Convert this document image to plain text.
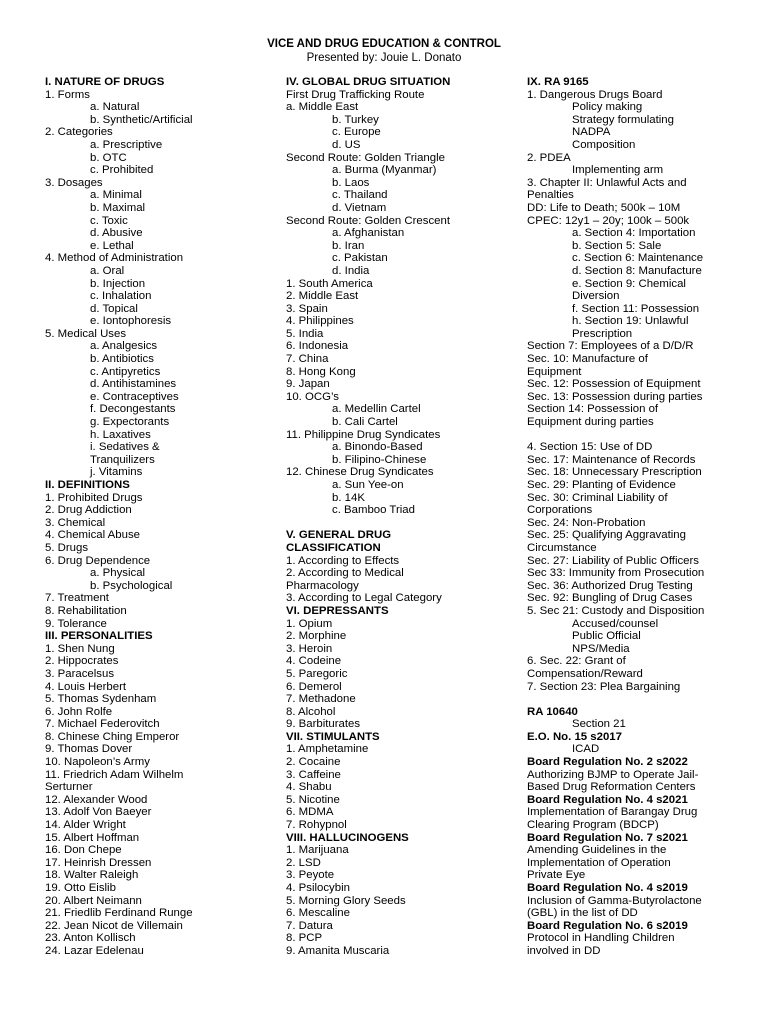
VICE AND DRUG EDUCATION & CONTROL
Presented by: Jouie L. Donato
I. NATURE OF DRUGS
1. Forms
a. Natural
b. Synthetic/Artificial
2. Categories
a. Prescriptive
b. OTC
c. Prohibited
3. Dosages
a. Minimal
b. Maximal
c. Toxic
d. Abusive
e. Lethal
4. Method of Administration
a. Oral
b. Injection
c. Inhalation
d. Topical
e. Iontophoresis
5. Medical Uses
a. Analgesics
b. Antibiotics
c. Antipyretics
d. Antihistamines
e. Contraceptives
f. Decongestants
g. Expectorants
h. Laxatives
i. Sedatives &
Tranquilizers
j. Vitamins
II. DEFINITIONS
1. Prohibited Drugs
2. Drug Addiction
3. Chemical
4. Chemical Abuse
5. Drugs
6. Drug Dependence
a. Physical
b. Psychological
7. Treatment
8. Rehabilitation
9. Tolerance
III. PERSONALITIES
1. Shen Nung
2. Hippocrates
3. Paracelsus
4. Louis Herbert
5. Thomas Sydenham
6. John Rolfe
7. Michael Federovitch
8. Chinese Ching Emperor
9. Thomas Dover
10. Napoleon’s Army
11. Friedrich Adam Wilhelm
Serturner
12. Alexander Wood
13. Adolf Von Baeyer
14. Alder Wright
15. Albert Hoffman
16. Don Chepe
17. Heinrish Dressen
18. Walter Raleigh
19. Otto Eislib
20. Albert Neimann
21. Friedlib Ferdinand Runge
22. Jean Nicot de Villemain
23. Anton Kollisch
24. Lazar Edelenau
IV. GLOBAL DRUG SITUATION
First Drug Trafficking Route
a. Middle East
b. Turkey
c. Europe
d. US
Second Route: Golden Triangle
a. Burma (Myanmar)
b. Laos
c. Thailand
d. Vietnam
Second Route: Golden Crescent
a. Afghanistan
b. Iran
c. Pakistan
d. India
1. South America
2. Middle East
3. Spain
4. Philippines
5. India
6. Indonesia
7. China
8. Hong Kong
9. Japan
10. OCG’s
a. Medellin Cartel
b. Cali Cartel
11. Philippine Drug Syndicates
a. Binondo-Based
b. Filipino-Chinese
12. Chinese Drug Syndicates
a. Sun Yee-on
b. 14K
c. Bamboo Triad
V. GENERAL DRUG
CLASSIFICATION
1. According to Effects
2. According to Medical
Pharmacology
3. According to Legal Category
VI. DEPRESSANTS
1. Opium
2. Morphine
3. Heroin
4. Codeine
5. Paregoric
6. Demerol
7. Methadone
8. Alcohol
9. Barbiturates
VII. STIMULANTS
1. Amphetamine
2. Cocaine
3. Caffeine
4. Shabu
5. Nicotine
6. MDMA
7. Rohypnol
VIII. HALLUCINOGENS
1. Marijuana
2. LSD
3. Peyote
4. Psilocybin
5. Morning Glory Seeds
6. Mescaline
7. Datura
8. PCP
9. Amanita Muscaria
IX. RA 9165
1. Dangerous Drugs Board
Policy making
Strategy formulating
NADPA
Composition
2. PDEA
Implementing arm
3. Chapter II: Unlawful Acts and
Penalties
DD: Life to Death; 500k – 10M
CPEC: 12y1 – 20y; 100k – 500k
a. Section 4: Importation
b. Section 5: Sale
c. Section 6: Maintenance
d. Section 8: Manufacture
e. Section 9: Chemical
Diversion
f. Section 11: Possession
h. Section 19: Unlawful
Prescription
Section 7: Employees of a D/D/R
Sec. 10: Manufacture of
Equipment
Sec. 12: Possession of Equipment
Sec. 13: Possession during parties
Section 14: Possession of
Equipment during parties
4. Section 15: Use of DD
Sec. 17: Maintenance of Records
Sec. 18: Unnecessary Prescription
Sec. 29: Planting of Evidence
Sec. 30: Criminal Liability of
Corporations
Sec. 24: Non-Probation
Sec. 25: Qualifying Aggravating
Circumstance
Sec. 27: Liability of Public Officers
Sec 33: Immunity from Prosecution
Sec. 36: Authorized Drug Testing
Sec. 92: Bungling of Drug Cases
5. Sec 21: Custody and Disposition
Accused/counsel
Public Official
NPS/Media
6. Sec. 22: Grant of
Compensation/Reward
7. Section 23: Plea Bargaining
RA 10640
Section 21
E.O. No. 15 s2017
ICAD
Board Regulation No. 2 s2022
Authorizing BJMP to Operate Jail-
Based Drug Reformation Centers
Board Regulation No. 4 s2021
Implementation of Barangay Drug
Clearing Program (BDCP)
Board Regulation No. 7 s2021
Amending Guidelines in the
Implementation of Operation
Private Eye
Board Regulation No. 4 s2019
Inclusion of Gamma-Butyrolactone
(GBL) in the list of DD
Board Regulation No. 6 s2019
Protocol in Handling Children
involved in DD
